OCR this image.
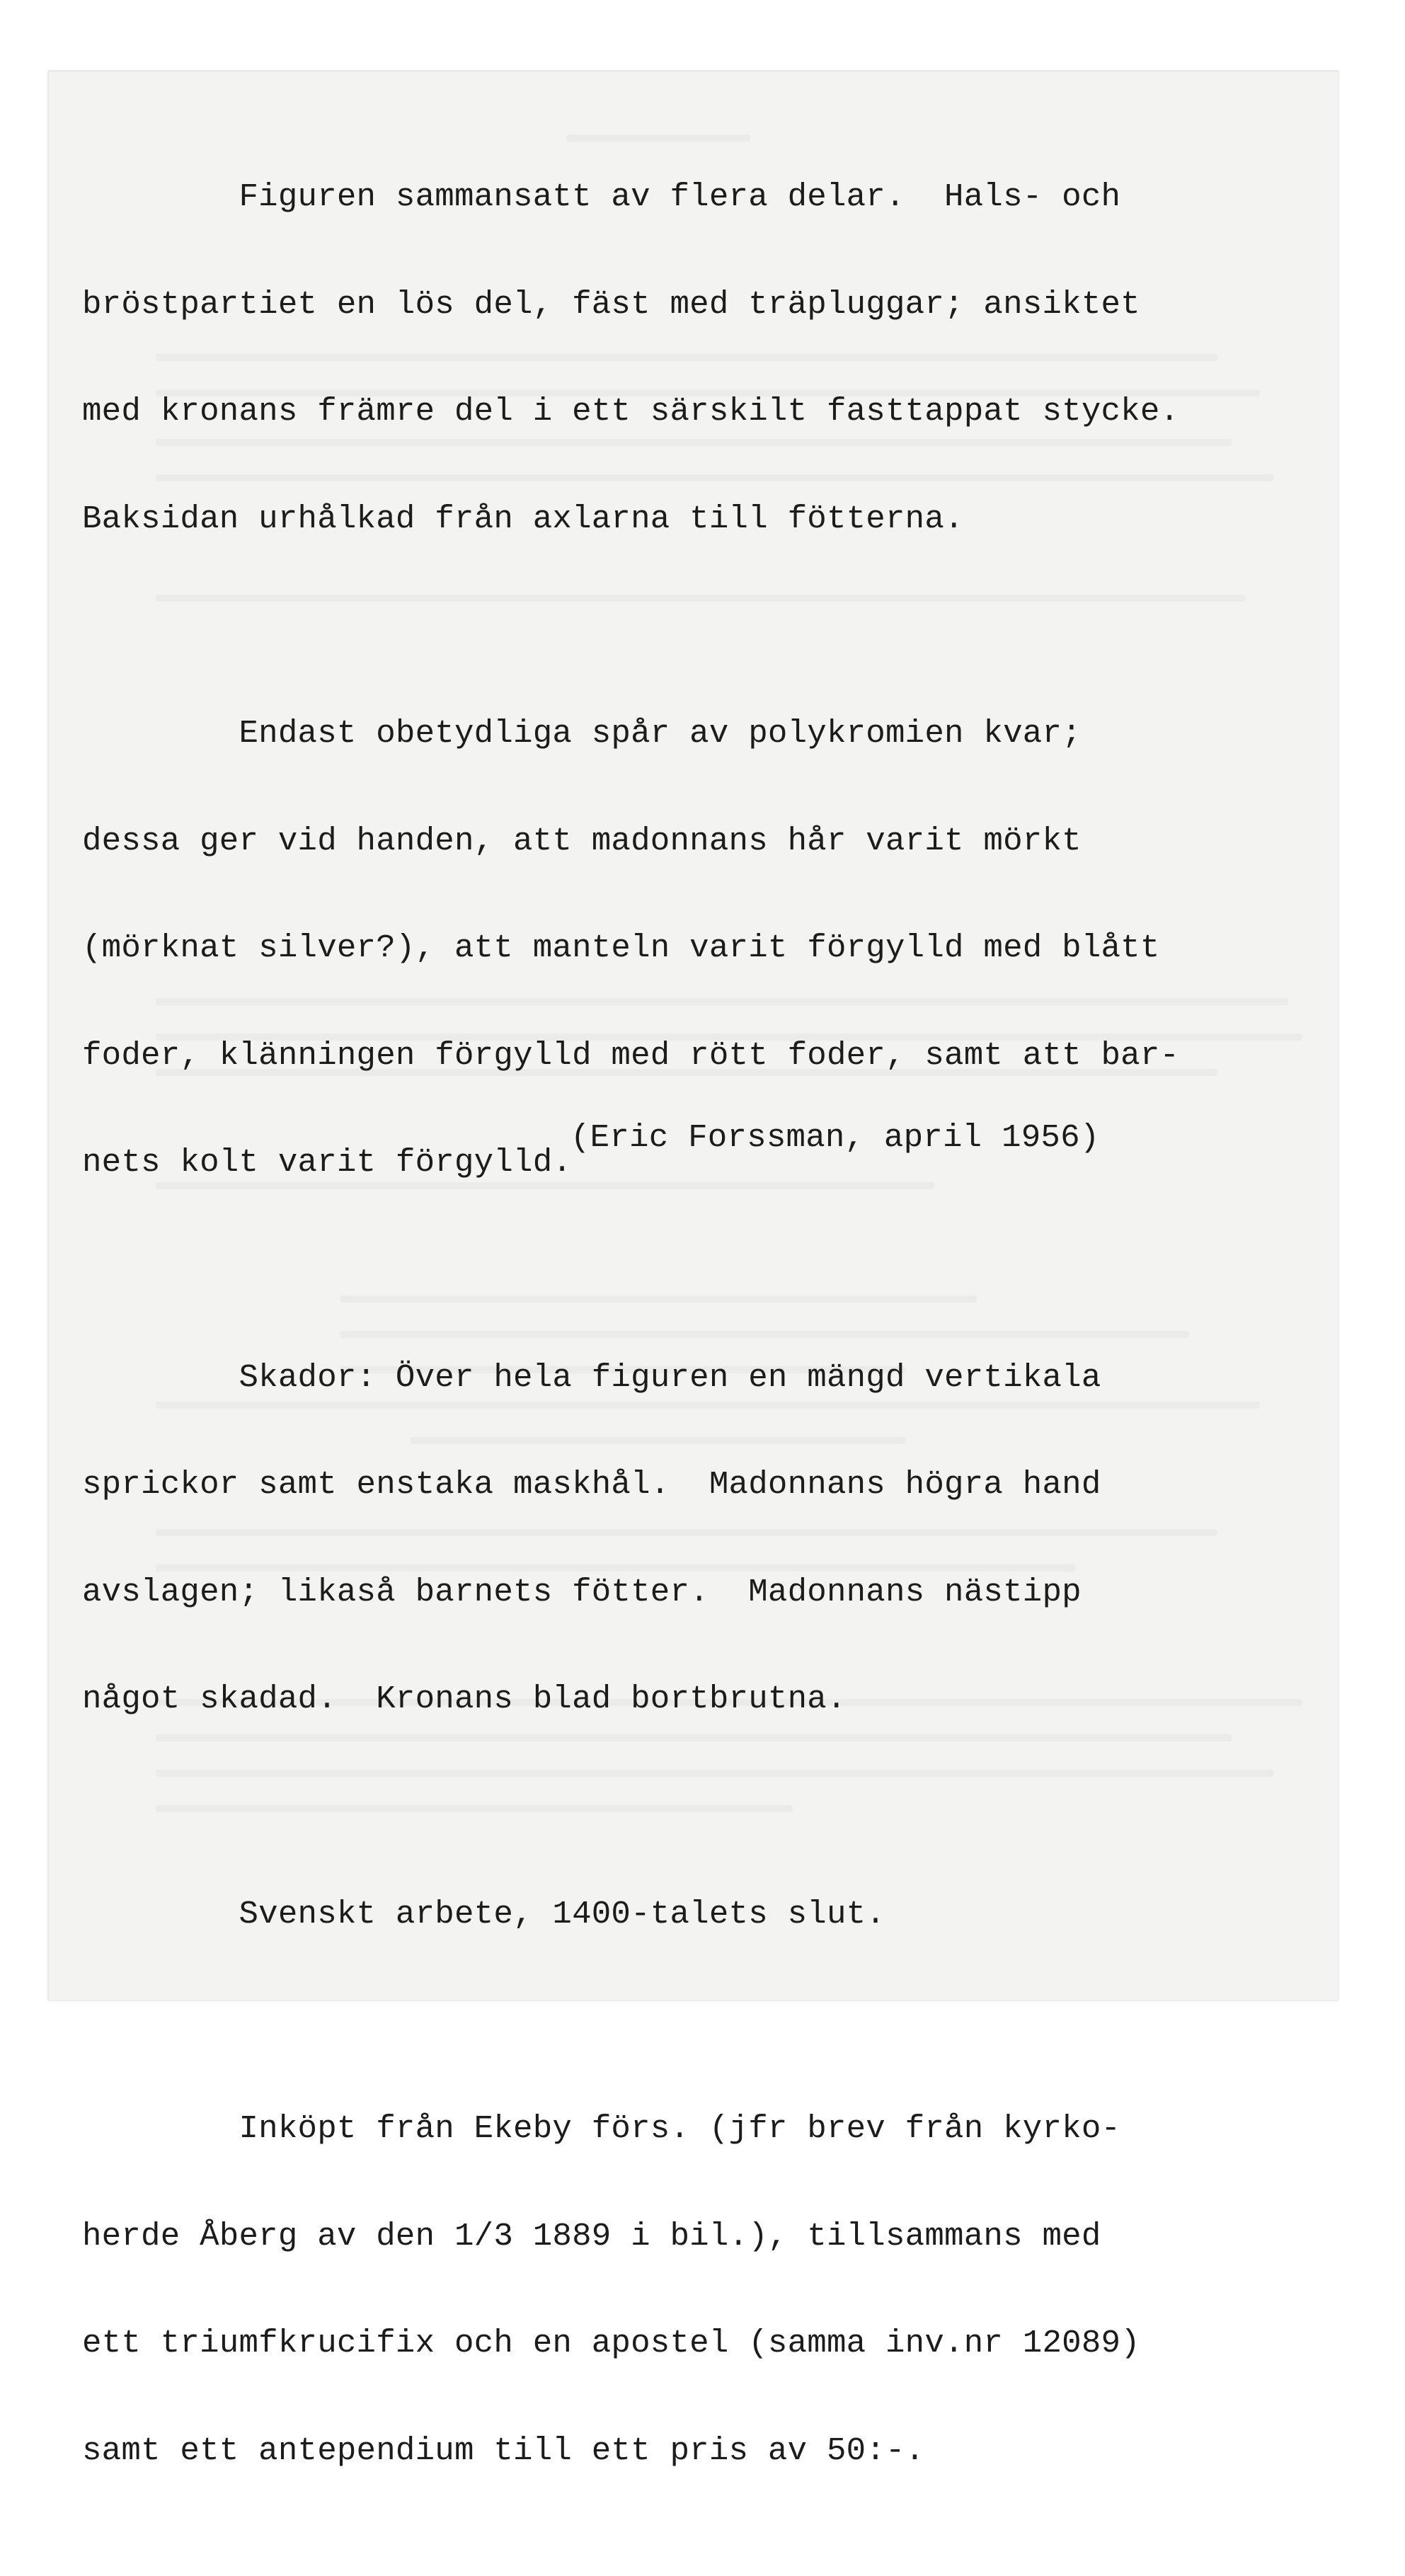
Figuren sammansatt av flera delar.  Hals- och

bröstpartiet en lös del, fäst med träpluggar; ansiktet

med kronans främre del i ett särskilt fasttappat stycke.

Baksidan urhålkad från axlarna till fötterna.

Endast obetydliga spår av polykromien kvar;

dessa ger vid handen, att madonnans hår varit mörkt

(mörknat silver?), att manteln varit förgylld med blått

foder, klänningen förgylld med rött foder, samt att bar-

nets kolt varit förgylld.

Skador: Över hela figuren en mängd vertikala

sprickor samt enstaka maskhål.  Madonnans högra hand

avslagen; likaså barnets fötter.  Madonnans nästipp

något skadad.  Kronans blad bortbrutna.

Svenskt arbete, 1400-talets slut.

Inköpt från Ekeby förs. (jfr brev från kyrko-

herde Åberg av den 1/3 1889 i bil.), tillsammans med

ett triumfkrucifix och en apostel (samma inv.nr 12089)

samt ett antependium till ett pris av 50:-.

(Eric Forssman, april 1956)
